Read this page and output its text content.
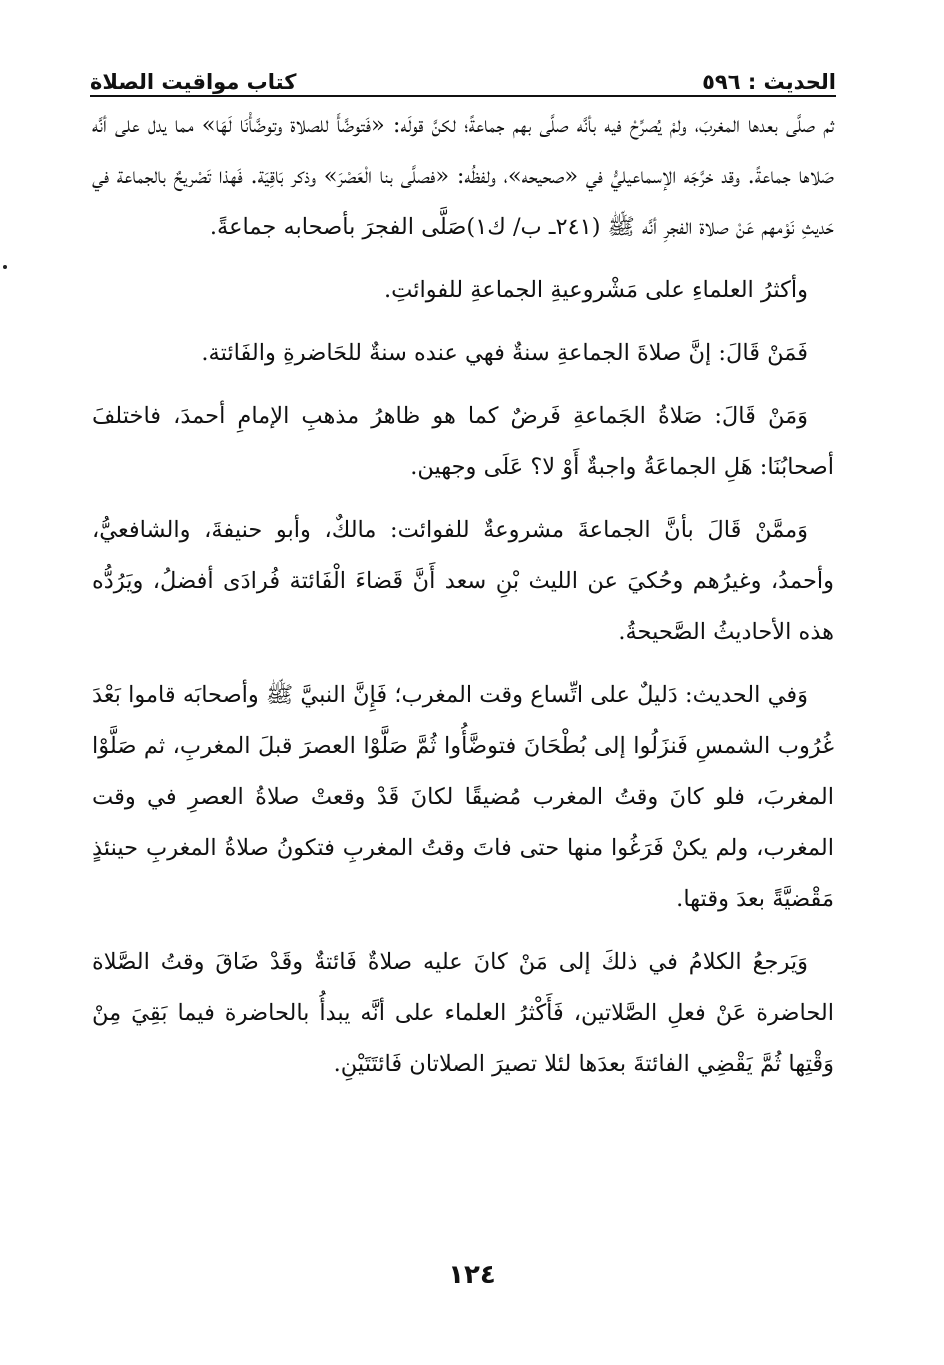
الحديث : ٥٩٦
كتاب مواقيت الصلاة

ثم صلَّى بعدها المغربَ، ولمْ يُصرِّحْ فيه بأنَّه صلَّى بهم جماعةً؛ لكنَّ قولَه: «فَتوضَّأَ للصلاة وتوضَّأْنَا لَهَا» مما يدل على أنَّه صَلاها جماعةً. وقد خرَّجَه الإسماعيليُّ في «صحيحه»، ولفظُه: «فصلَّى بنا الْعَصْرَ» وذكر بَاقِيَة. فَهذا تَصْريحٌ بالجماعة في حَديثِ نَوْمهم عَنْ صلاة الفجرِ أنَّه ﷺ (٢٤١ـ ب/ ك١)صَلَّى الفجرَ بأصحابه جماعةً.

وأكثرُ العلماءِ على مَشْروعيةِ الجماعةِ للفوائتِ.

فَمَنْ قَالَ: إنَّ صلاةَ الجماعةِ سنةٌ فهي عنده سنةٌ للحَاضرةِ والفَائتة.

وَمَنْ قَالَ: صَلاةُ الجَماعةِ فَرضٌ كما هو ظاهرُ مذهبِ الإمامِ أحمدَ، فاختلفَ أصحابُنَا: هَلِ الجماعَةُ واجبةٌ أَوْ لا؟ عَلَى وجهين.

وَممَّنْ قَالَ بأنَّ الجماعةَ مشروعةٌ للفوائت: مالكٌ، وأبو حنيفةَ، والشافعيُّ، وأحمدُ، وغيرُهم وحُكيَ عن الليث بْنِ سعد أَنَّ قَضاءَ الْفَائتة فُرادَى أفضلُ، ويَرُدُّه هذه الأحاديثُ الصَّحيحةُ.

وَفي الحديث: دَليلٌ على اتِّساع وقت المغرب؛ فَإِنَّ النبيَّ ﷺ وأصحابَه قاموا بَعْدَ غُرُوب الشمسِ فَنزَلُوا إلى بُطْحَانَ فتوضَّأُوا ثُمَّ صَلَّوْا العصرَ قبلَ المغربِ، ثم صَلَّوْا المغربَ، فلو كانَ وقتُ المغرب مُضيقًا لكانَ قَدْ وقعتْ صلاةُ العصرِ في وقت المغرب، ولم يكنْ فَرَغُوا منها حتى فاتَ وقتُ المغربِ فتكونُ صلاةُ المغربِ حينئذٍ مَقْضيَّةً بعدَ وقتها.

وَيَرجعُ الكلامُ في ذلكَ إلى مَنْ كانَ عليه صلاةٌ فَائتةٌ وقَدْ ضَاقَ وقتُ الصَّلاة الحاضرة عَنْ فعلِ الصَّلاتين، فَأَكْثرُ العلماء على أنَّه يبدأُ بالحاضرة فيما بَقِيَ مِنْ وَقْتِها ثُمَّ يَقْضِي الفائتةَ بعدَها لئلا تصيرَ الصلاتان فَائتَتَيْنِ.

١٢٤
